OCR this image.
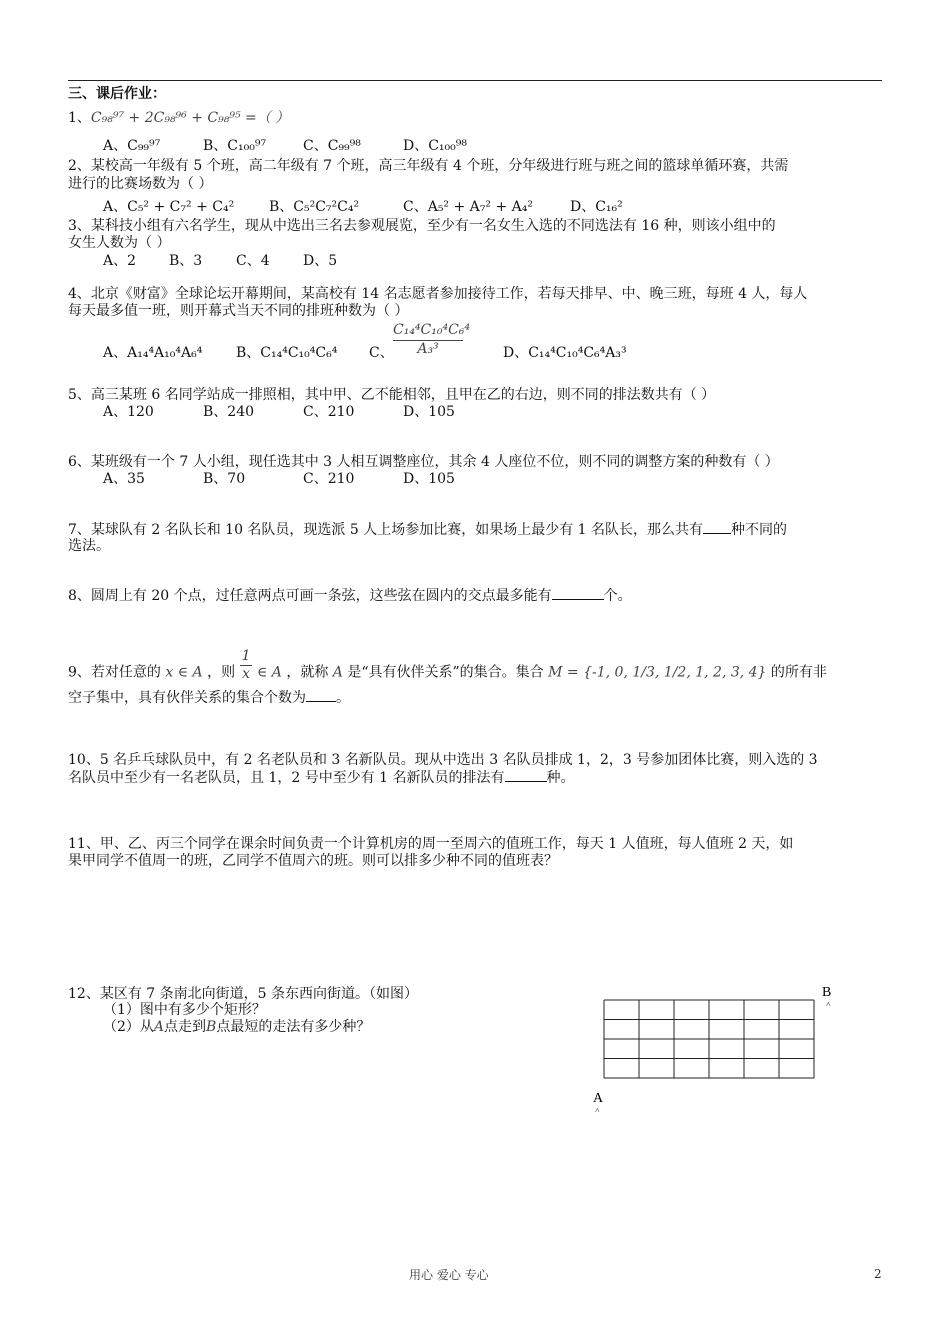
三、课后作业：
1、C₉₈⁹⁷ + 2C₉₈⁹⁶ + C₉₈⁹⁵ =（ ）
A、C₉₉⁹⁷	B、C₁₀₀⁹⁷	C、C₉₉⁹⁸	D、C₁₀₀⁹⁸
2、某校高一年级有 5 个班，高二年级有 7 个班，高三年级有 4 个班，分年级进行班与班之间的篮球单循环赛，共需
进行的比赛场数为（ ）
A、C₅² + C₇² + C₄² B、C₅²C₇²C₄²	C、A₅² + A₇² + A₄²	D、C₁₆²
3、某科技小组有六名学生，现从中选出三名去参观展览，至少有一名女生入选的不同选法有 16 种，则该小组中的
女生人数为（ ）
A、2 B、3 C、4 D、5
4、北京《财富》全球论坛开幕期间，某高校有 14 名志愿者参加接待工作，若每天排早、中、晚三班，每班 4 人，每人
每天最多值一班，则开幕式当天不同的排班种数为（ ）
A、A₁₄⁴A₁₀⁴A₆⁴ B、C₁₄⁴C₁₀⁴C₆⁴ C、 $\frac{\text{C₁₄⁴C₁₀⁴C₆⁴}}{\text{A₃³}}$	D、C₁₄⁴C₁₀⁴C₆⁴A₃³
5、高三某班 6 名同学站成一排照相，其中甲、乙不能相邻，且甲在乙的右边，则不同的排法数共有（ ）
A、120	B、240	C、210	D、105
6、某班级有一个 7 人小组，现任选其中 3 人相互调整座位，其余 4 人座位不位，则不同的调整方案的种数有（ ）
A、35	B、70	C、210	D、105
7、某球队有 2 名队长和 10 名队员，现选派 5 人上场参加比赛，如果场上最少有 1 名队长，那么共有 种不同的
选法。
8、圆周上有 20 个点，过任意两点可画一条弦，这些弦在圆内的交点最多能有	个。
9、若对任意的 x ∈ A ，则 $\frac{1}{x}$ ∈ A ，就称 A 是“具有伙伴关系”的集合。集合 M = {-1, 0, 1/3, 1/2, 1, 2, 3, 4} 的所有非
空子集中，具有伙伴关系的集合个数为 。
10、5 名乒乓球队员中，有 2 名老队员和 3 名新队员。现从中选出 3 名队员排成 1，2，3 号参加团体比赛，则入选的 3
名队员中至少有一名老队员，且 1，2 号中至少有 1 名新队员的排法有	种。
11、甲、乙、丙三个同学在课余时间负责一个计算机房的周一至周六的值班工作，每天 1 人值班，每人值班 2 天，如
果甲同学不值周一的班，乙同学不值周六的班。则可以排多少种不同的值班表？
12、某区有 7 条南北向街道，5 条东西向街道。（如图）
（1）图中有多少个矩形？
（2）从A点走到B点最短的走法有多少种？
B
˄
A
˄
用心 爱心 专心	2
